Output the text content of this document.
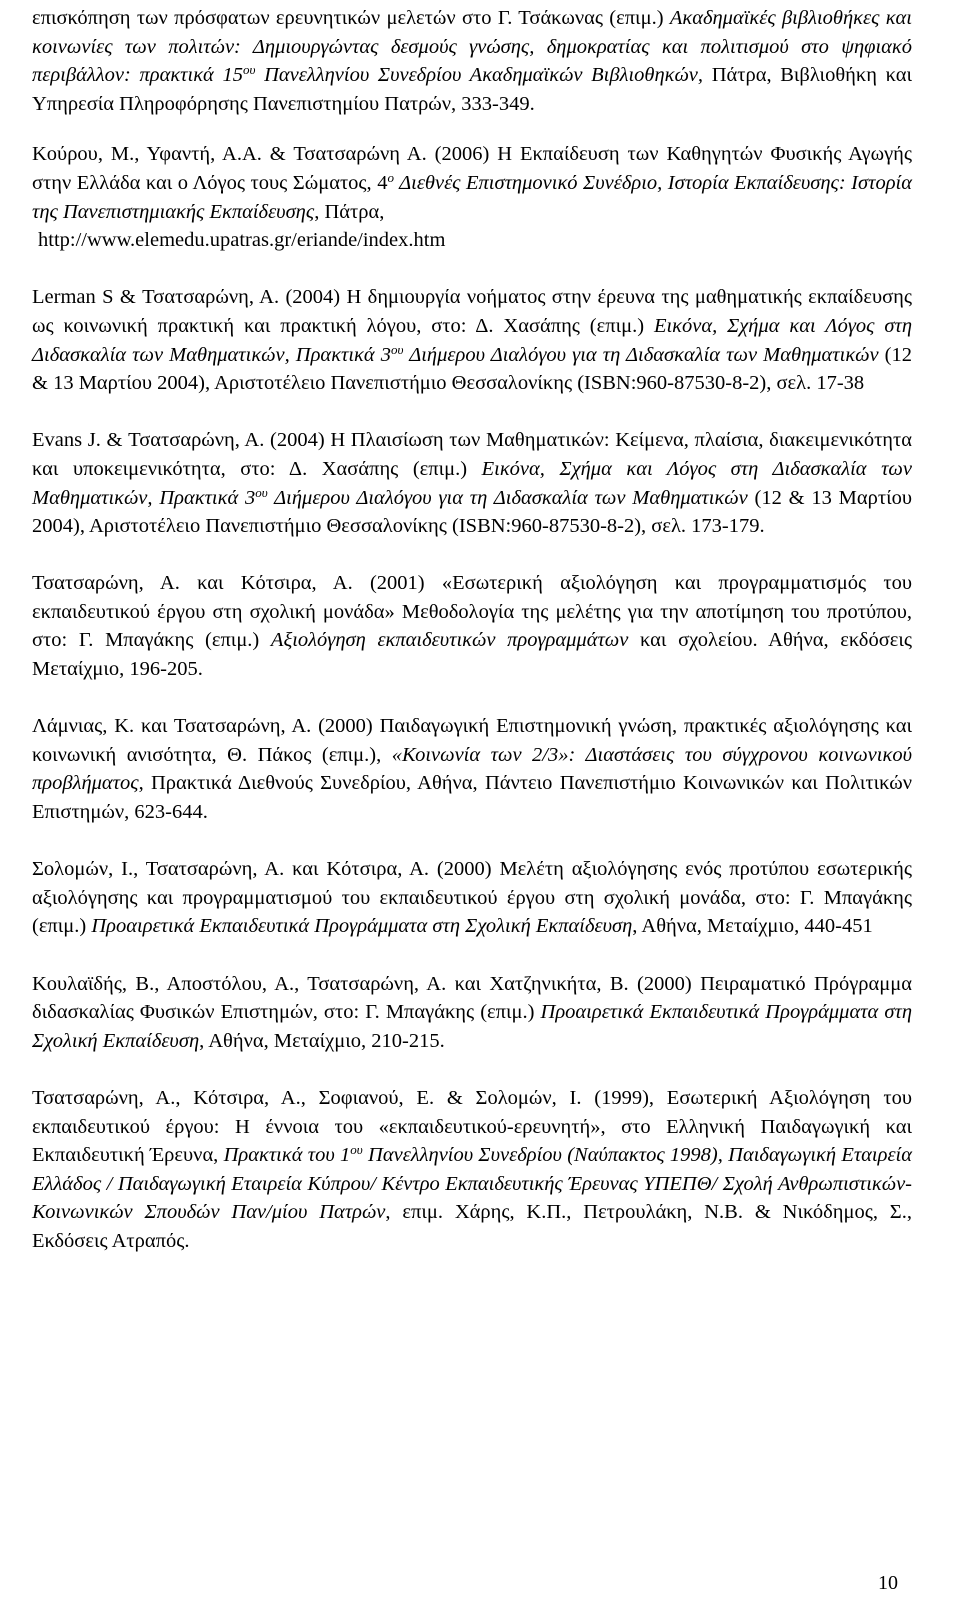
επισκόπηση των πρόσφατων ερευνητικών μελετών στο Γ. Τσάκωνας (επιμ.) Ακαδημαϊκές βιβλιοθήκες και κοινωνίες των πολιτών: Δημιουργώντας δεσμούς γνώσης, δημοκρατίας και πολιτισμού στο ψηφιακό περιβάλλον: πρακτικά $15^{o\upsilon}$ Πανελληνίου Συνεδρίου Ακαδημαϊκών Βιβλιοθηκών, Πάτρα, Βιβλιοθήκη και Υπηρεσία Πληροφόρησης Πανεπιστημίου Πατρών, 333-349.

Κούρου, Μ., Υφαντή, Α.Α. & Τσατσαρώνη Α. (2006) Η Εκπαίδευση των Καθηγητών Φυσικής Αγωγής στην Ελλάδα και ο Λόγος τους Σώματος, $4^o$ Διεθνές Επιστημονικό Συνέδριο, Ιστορία Εκπαίδευσης: Ιστορία της Πανεπιστημιακής Εκπαίδευσης, Πάτρα,
http://www.elemedu.upatras.gr/eriande/index.htm

Lerman S & Τσατσαρώνη, Α. (2004) Η δημιουργία νοήματος στην έρευνα της μαθηματικής εκπαίδευσης ως κοινωνική πρακτική και πρακτική λόγου, στο: Δ. Χασάπης (επιμ.) Εικόνα, Σχήμα και Λόγος στη Διδασκαλία των Μαθηματικών, Πρακτικά $3^{o\upsilon}$ Διήμερου Διαλόγου για τη Διδασκαλία των Μαθηματικών (12 & 13 Μαρτίου 2004), Αριστοτέλειο Πανεπιστήμιο Θεσσαλονίκης (ISBN:960-87530-8-2), σελ. 17-38

Evans J. & Τσατσαρώνη, Α. (2004) Η Πλαισίωση των Μαθηματικών: Κείμενα, πλαίσια, διακειμενικότητα και υποκειμενικότητα, στο: Δ. Χασάπης (επιμ.) Εικόνα, Σχήμα και Λόγος στη Διδασκαλία των Μαθηματικών, Πρακτικά $3^{o\upsilon}$ Διήμερου Διαλόγου για τη Διδασκαλία των Μαθηματικών (12 & 13 Μαρτίου 2004), Αριστοτέλειο Πανεπιστήμιο Θεσσαλονίκης (ISBN:960-87530-8-2), σελ. 173-179.

Τσατσαρώνη, Α. και Κότσιρα, Α. (2001) «Εσωτερική αξιολόγηση και προγραμματισμός του εκπαιδευτικού έργου στη σχολική μονάδα» Μεθοδολογία της μελέτης για την αποτίμηση του προτύπου, στο: Γ. Μπαγάκης (επιμ.) Αξιολόγηση εκπαιδευτικών προγραμμάτων και σχολείου. Αθήνα, εκδόσεις Μεταίχμιο, 196-205.

Λάμνιας, Κ. και Τσατσαρώνη, Α. (2000) Παιδαγωγική Επιστημονική γνώση, πρακτικές αξιολόγησης και κοινωνική ανισότητα, Θ. Πάκος (επιμ.), «Κοινωνία των 2/3»: Διαστάσεις του σύγχρονου κοινωνικού προβλήματος, Πρακτικά Διεθνούς Συνεδρίου, Αθήνα, Πάντειο Πανεπιστήμιο Κοινωνικών και Πολιτικών Επιστημών, 623-644.

Σολομών, Ι., Τσατσαρώνη, Α. και Κότσιρα, Α. (2000) Μελέτη αξιολόγησης ενός προτύπου εσωτερικής αξιολόγησης και προγραμματισμού του εκπαιδευτικού έργου στη σχολική μονάδα, στο: Γ. Μπαγάκης (επιμ.) Προαιρετικά Εκπαιδευτικά Προγράμματα στη Σχολική Εκπαίδευση, Αθήνα, Μεταίχμιο, 440-451

Κουλαϊδής, Β., Αποστόλου, Α., Τσατσαρώνη, Α. και Χατζηνικήτα, Β. (2000) Πειραματικό Πρόγραμμα διδασκαλίας Φυσικών Επιστημών, στο: Γ. Μπαγάκης (επιμ.) Προαιρετικά Εκπαιδευτικά Προγράμματα στη Σχολική Εκπαίδευση, Αθήνα, Μεταίχμιο, 210-215.

Τσατσαρώνη, Α., Κότσιρα, Α., Σοφιανού, Ε. & Σολομών, Ι. (1999), Εσωτερική Αξιολόγηση του εκπαιδευτικού έργου: Η έννοια του «εκπαιδευτικού-ερευνητή», στο Ελληνική Παιδαγωγική και Εκπαιδευτική Έρευνα, Πρακτικά του $1^{o\upsilon}$ Πανελληνίου Συνεδρίου (Ναύπακτος 1998), Παιδαγωγική Εταιρεία Ελλάδος / Παιδαγωγική Εταιρεία Κύπρου/ Κέντρο Εκπαιδευτικής Έρευνας ΥΠΕΠΘ/ Σχολή Ανθρωπιστικών- Κοινωνικών Σπουδών Παν/μίου Πατρών, επιμ. Χάρης, Κ.Π., Πετρουλάκη, Ν.Β. & Νικόδημος, Σ., Εκδόσεις Ατραπός.

10
